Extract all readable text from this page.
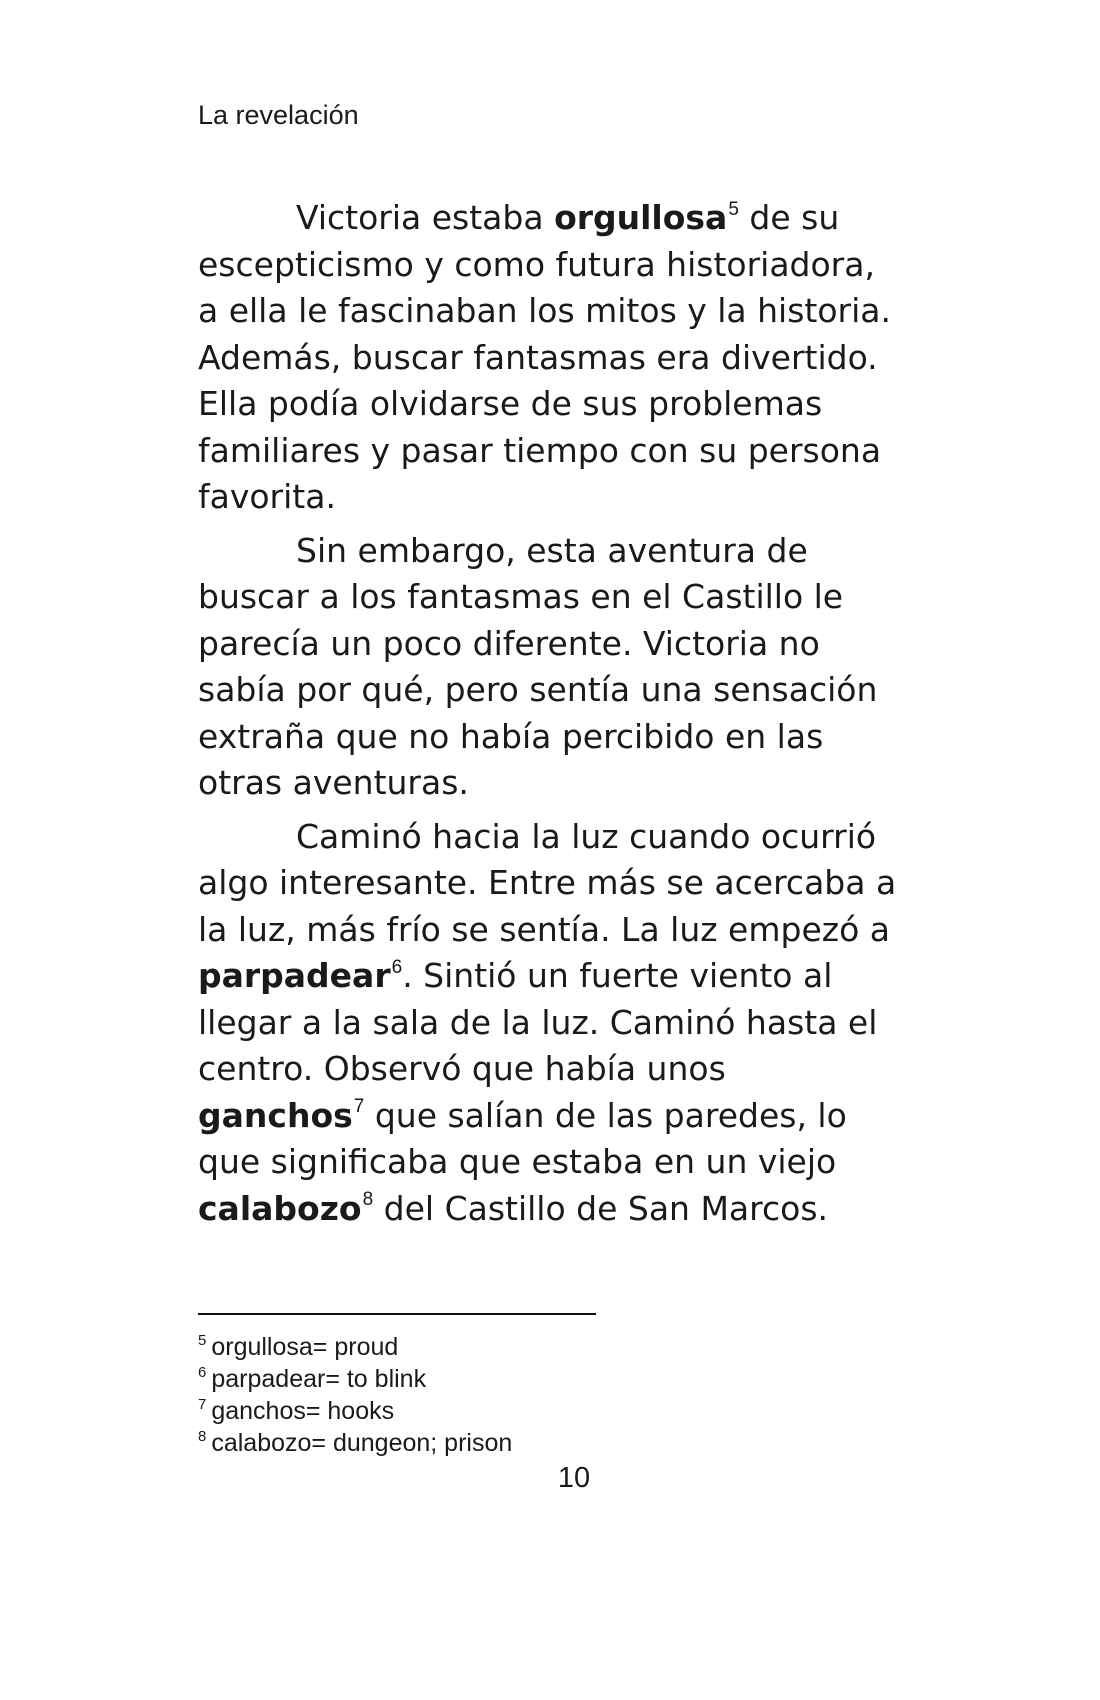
La revelación

Victoria estaba orgullosa$^5$ de su escepticismo y como futura historiadora, a ella le fascinaban los mitos y la historia. Además, buscar fantasmas era divertido. Ella podía olvidarse de sus problemas familiares y pasar tiempo con su persona favorita.

Sin embargo, esta aventura de buscar a los fantasmas en el Castillo le parecía un poco diferente. Victoria no sabía por qué, pero sentía una sensación extraña que no había percibido en las otras aventuras.

Caminó hacia la luz cuando ocurrió algo interesante. Entre más se acercaba a la luz, más frío se sentía. La luz empezó a parpadear$^6$. Sintió un fuerte viento al llegar a la sala de la luz. Caminó hasta el centro. Observó que había unos ganchos$^7$ que salían de las paredes, lo que significaba que estaba en un viejo calabozo$^8$ del Castillo de San Marcos.

$^5$ orgullosa= proud

$^6$ parpadear= to blink

$^7$ ganchos= hooks

$^8$ calabozo= dungeon; prison

10
